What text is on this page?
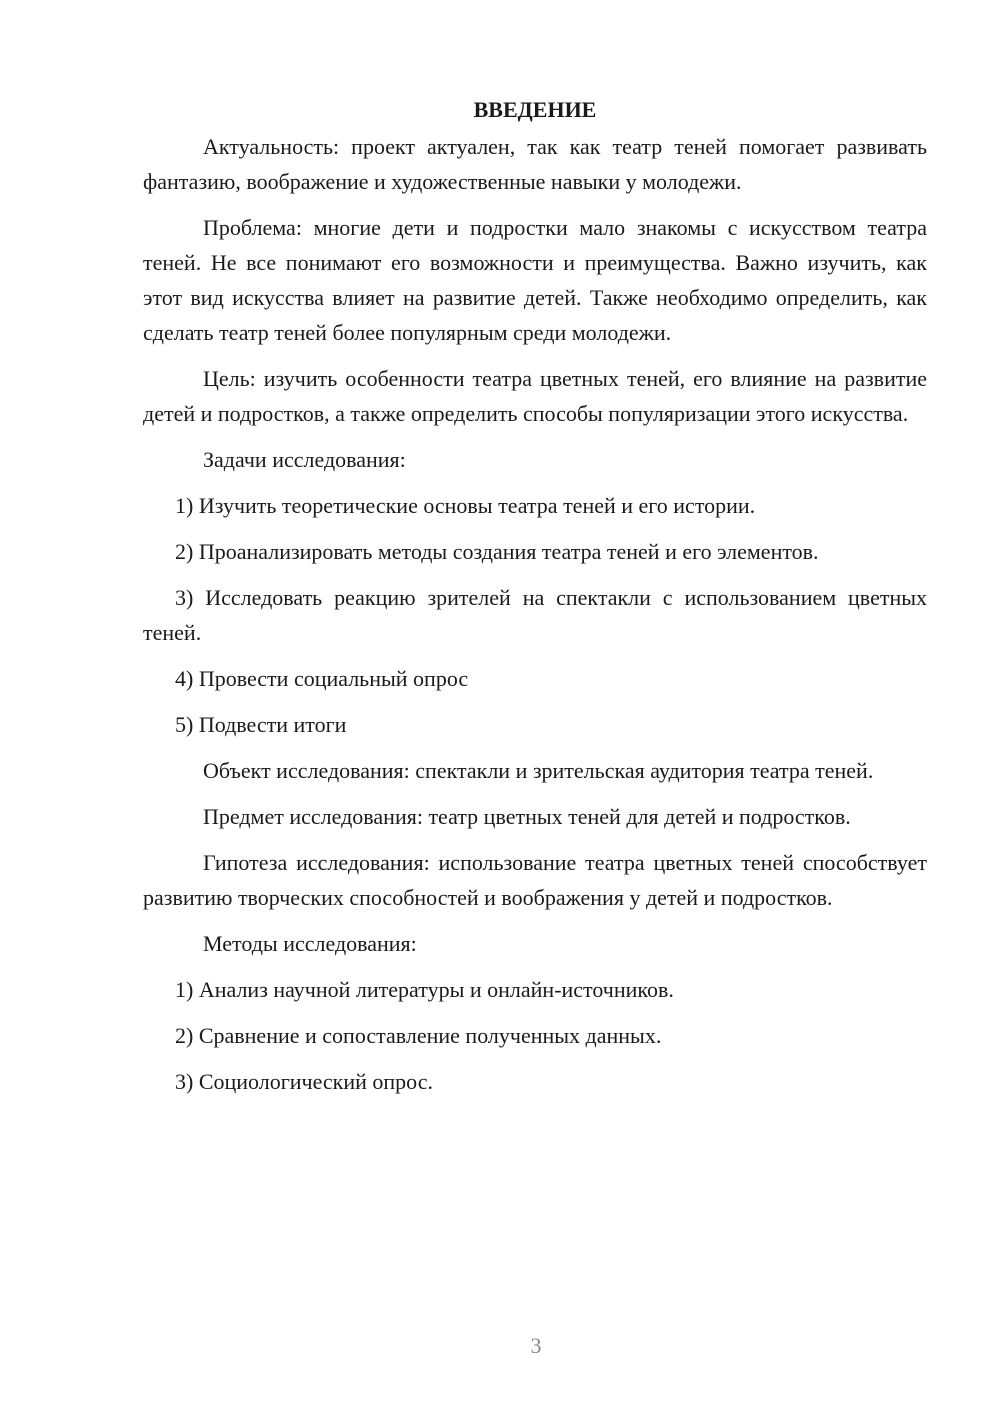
ВВЕДЕНИЕ

Актуальность: проект актуален, так как театр теней помогает развивать фантазию, воображение и художественные навыки у молодежи.

Проблема: многие дети и подростки мало знакомы с искусством театра теней. Не все понимают его возможности и преимущества. Важно изучить, как этот вид искусства влияет на развитие детей. Также необходимо определить, как сделать театр теней более популярным среди молодежи.

Цель: изучить особенности театра цветных теней, его влияние на развитие детей и подростков, а также определить способы популяризации этого искусства.

Задачи исследования:

1) Изучить теоретические основы театра теней и его истории.

2) Проанализировать методы создания театра теней и его элементов.

3) Исследовать реакцию зрителей на спектакли с использованием цветных теней.

4) Провести социальный опрос

5) Подвести итоги

Объект исследования: спектакли и зрительская аудитория театра теней.

Предмет исследования: театр цветных теней для детей и подростков.

Гипотеза исследования: использование театра цветных теней способствует развитию творческих способностей и воображения у детей и подростков.

Методы исследования:

1) Анализ научной литературы и онлайн-источников.

2) Сравнение и сопоставление полученных данных.

3) Социологический опрос.

3
